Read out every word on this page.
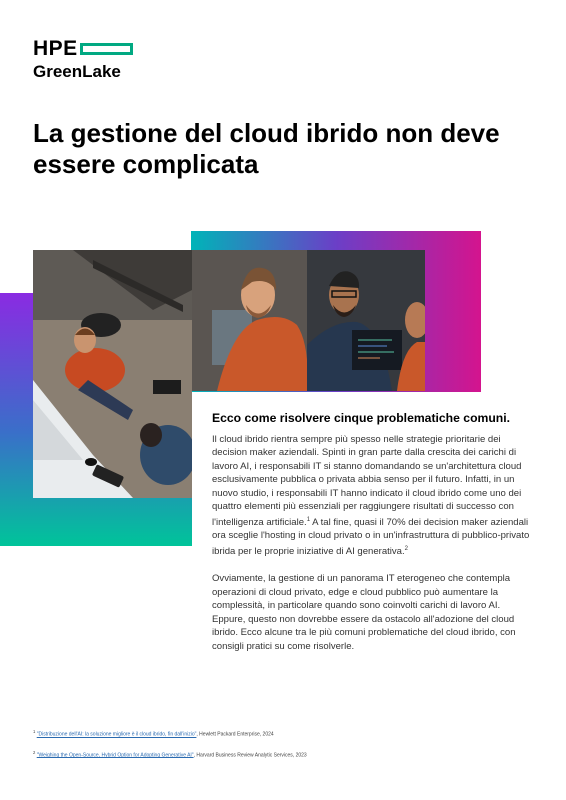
HPE
GreenLake
La gestione del cloud ibrido non deve essere complicata
Ecco come risolvere cinque problematiche comuni.

Il cloud ibrido rientra sempre più spesso nelle strategie prioritarie dei decision maker aziendali. Spinti in gran parte dalla crescita dei carichi di lavoro AI, i responsabili IT si stanno domandando se un'architettura cloud esclusivamente pubblica o privata abbia senso per il futuro. Infatti, in un nuovo studio, i responsabili IT hanno indicato il cloud ibrido come uno dei quattro elementi più essenziali per raggiungere risultati di successo con l'intelligenza artificiale.$^1$ A tal fine, quasi il 70% dei decision maker aziendali ora sceglie l'hosting in cloud privato o in un'infrastruttura di pubblico-privato ibrida per le proprie iniziative di AI generativa.$^2$

Ovviamente, la gestione di un panorama IT eterogeneo che contempla operazioni di cloud privato, edge e cloud pubblico può aumentare la complessità, in particolare quando sono coinvolti carichi di lavoro AI. Eppure, questo non dovrebbe essere da ostacolo all'adozione del cloud ibrido. Ecco alcune tra le più comuni problematiche del cloud ibrido, con consigli pratici su come risolverle.

$^1$ "Distribuzione dell'AI: la soluzione migliore è il cloud ibrido, fin dall'inizio", Hewlett Packard Enterprise, 2024

$^2$ "Weighing the Open-Source, Hybrid Option for Adopting Generative AI", Harvard Business Review Analytic Services, 2023
